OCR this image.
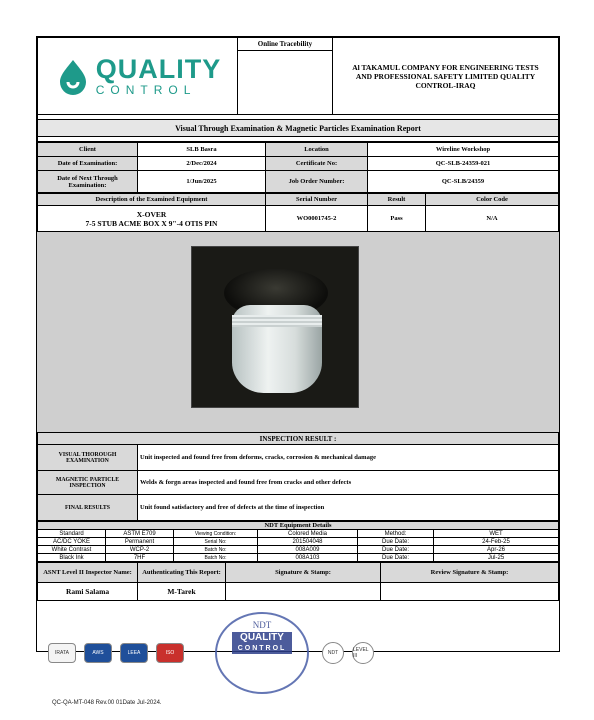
QUALITY
CONTROL
	Online Tracebility	
Al TAKAMUL COMPANY FOR ENGINEERING TESTS
AND PROFESSIONAL SAFETY LIMITED QUALITY CONTROL-IRAQ

Visual Through Examination & Magnetic Particles Examination Report

Client	SLB Basra	Location	Wireline Workshop
Date of Examination:	2/Dec/2024	Certificate No:	QC-SLB-24359-021
Date of Next Through Examination:	1/Jun/2025	Job Order Number:	QC-SLB/24359
Description of the Examined Equipment	Serial Number	Result	Color Code

X-OVER
7-5 STUB ACME BOX X 9"-4 OTIS PIN	WO0001745-2	Pass	N/A
INSPECTION RESULT :	
VISUAL THOROUGH EXAMINATION	Unit inspected and found free from deforms, cracks, corrosion & mechanical damage
MAGNETIC PARTICLE INSPECTION	Welds & forgn areas inspected and found free from cracks and other defects
FINAL RESULTS	Unit found satisfactory and free of defects at the time of inspection
NDT Equipment Details					
Standard	ASTM E709	Viewing Condition:	Colored Media	Method:	WET
AC/DC YOKE	Permanent	Serial No:	201504048	Due Date:	24-Feb-25
White Contrast	WCP-2	Batch No:	008A009	Due Date:	Apr-26
Black Ink	7HF	Batch No:	008A103	Due Date:	Jul-25
ASNT Level II Inspector Name:	Authenticating This Report:	Signature & Stamp:	Review Signature & Stamp:
Rami Salama	M-Tarek		

NDT
QUALITY
CONTROL
IRATA	AWS	LEEA	ISO	NDT	LEVEL III
QC-QA-MT-048 Rev.00 01Date Jul-2024.
